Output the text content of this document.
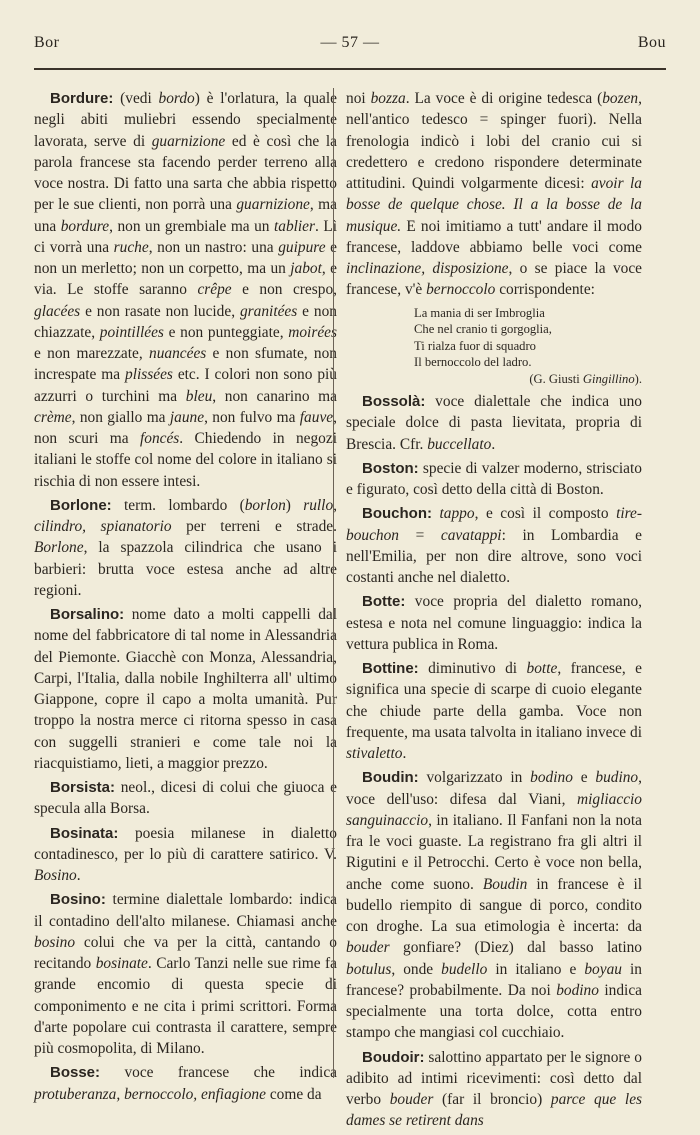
Bor	— 57 —	Bou

Bordure: (vedi bordo) è l'orlatura, la quale negli abiti muliebri essendo specialmente lavorata, serve di guarnizione ed è così che la parola francese sta facendo perder terreno alla voce nostra. Di fatto una sarta che abbia rispetto per le sue clienti, non porrà una guarnizione, ma una bordure, non un grembiale ma un tablier. Lì ci vorrà una ruche, non un nastro: una guipure e non un merletto; non un corpetto, ma un jabot, e via. Le stoffe saranno crêpe e non crespo, glacées e non rasate non lucide, granitées e non chiazzate, pointillées e non punteggiate, moirées e non marezzate, nuancées e non sfumate, non increspate ma plissées etc. I colori non sono più azzurri o turchini ma bleu, non canarino ma crème, non giallo ma jaune, non fulvo ma fauve, non scuri ma foncés. Chiedendo in negozi italiani le stoffe col nome del colore in italiano si rischia di non essere intesi.

Borlone: term. lombardo (borlon) rullo, cilindro, spianatorio per terreni e strade. Borlone, la spazzola cilindrica che usano i barbieri: brutta voce estesa anche ad altre regioni.

Borsalino: nome dato a molti cappelli dal nome del fabbricatore di tal nome in Alessandria del Piemonte. Giacchè con Monza, Alessandria, Carpi, l'Italia, dalla nobile Inghilterra all' ultimo Giappone, copre il capo a molta umanità. Pur troppo la nostra merce ci ritorna spesso in casa con suggelli stranieri e come tale noi la riacquistiamo, lieti, a maggior prezzo.

Borsista: neol., dicesi di colui che giuoca e specula alla Borsa.

Bosinata: poesia milanese in dialetto contadinesco, per lo più di carattere satirico. V. Bosino.

Bosino: termine dialettale lombardo: indica il contadino dell'alto milanese. Chiamasi anche bosino colui che va per la città, cantando o recitando bosinate. Carlo Tanzi nelle sue rime fa grande encomio di questa specie di componimento e ne cita i primi scrittori. Forma d'arte popolare cui contrasta il carattere, sempre più cosmopolita, di Milano.

Bosse: voce francese che indica protuberanza, bernoccolo, enfiagione come da

noi bozza. La voce è di origine tedesca (bozen, nell'antico tedesco = spinger fuori). Nella frenologia indicò i lobi del cranio cui si credettero e credono rispondere determinate attitudini. Quindi volgarmente dicesi: avoir la bosse de quelque chose. Il a la bosse de la musique. E noi imitiamo a tutt' andare il modo francese, laddove abbiamo belle voci come inclinazione, disposizione, o se piace la voce francese, v'è bernoccolo corrispondente:

La mania di ser Imbroglia
Che nel cranio ti gorgoglia,
Ti rialza fuor di squadro
Il bernoccolo del ladro.
(G. Giusti Gingillino).

Bossolà: voce dialettale che indica uno speciale dolce di pasta lievitata, propria di Brescia. Cfr. buccellato.

Boston: specie di valzer moderno, strisciato e figurato, così detto della città di Boston.

Bouchon: tappo, e così il composto tire-bouchon = cavatappi: in Lombardia e nell'Emilia, per non dire altrove, sono voci costanti anche nel dialetto.

Botte: voce propria del dialetto romano, estesa e nota nel comune linguaggio: indica la vettura publica in Roma.

Bottine: diminutivo di botte, francese, e significa una specie di scarpe di cuoio elegante che chiude parte della gamba. Voce non frequente, ma usata talvolta in italiano invece di stivaletto.

Boudin: volgarizzato in bodino e budino, voce dell'uso: difesa dal Viani, migliaccio sanguinaccio, in italiano. Il Fanfani non la nota fra le voci guaste. La registrano fra gli altri il Rigutini e il Petrocchi. Certo è voce non bella, anche come suono. Boudin in francese è il budello riempito di sangue di porco, condito con droghe. La sua etimologia è incerta: da bouder gonfiare? (Diez) dal basso latino botulus, onde budello in italiano e boyau in francese? probabilmente. Da noi bodino indica specialmente una torta dolce, cotta entro stampo che mangiasi col cucchiaio.

Boudoir: salottino appartato per le signore o adibito ad intimi ricevimenti: così detto dal verbo bouder (far il broncio) parce que les dames se retirent dans
